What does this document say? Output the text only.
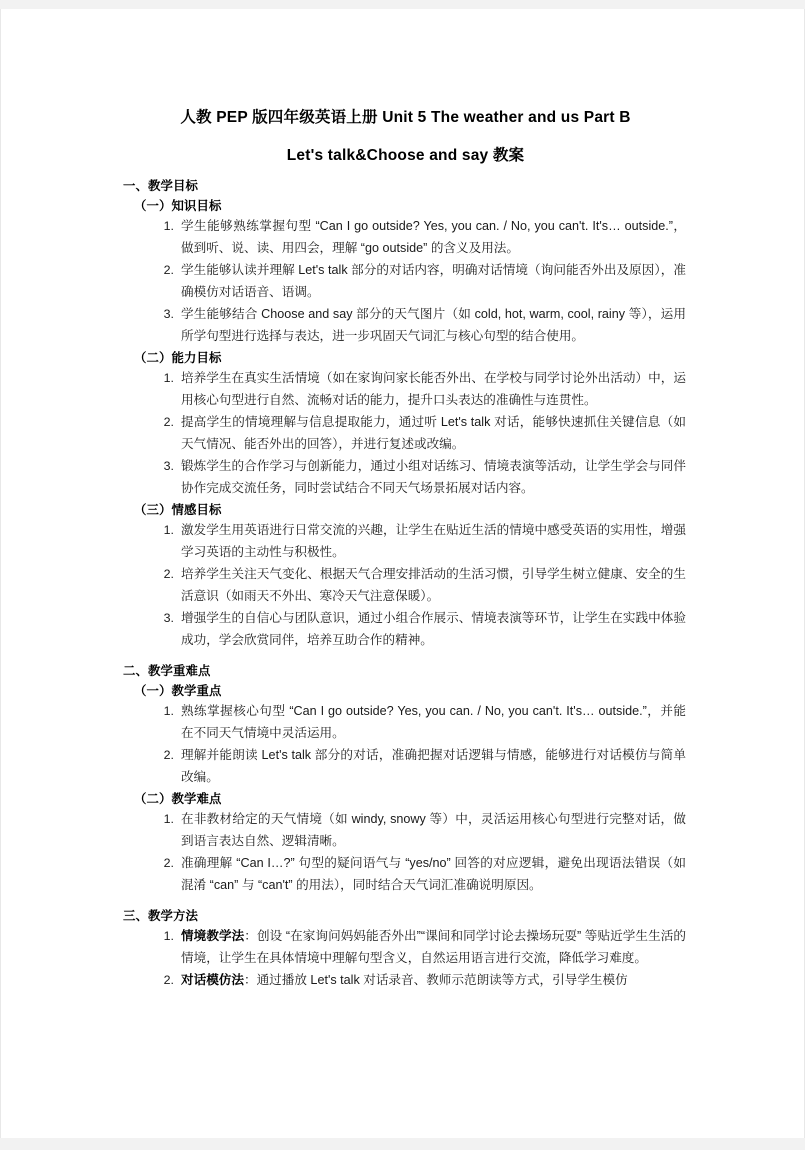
人教 PEP 版四年级英语上册 Unit 5 The weather and us Part B
Let's talk&Choose and say 教案
一、教学目标
（一）知识目标
1. 学生能够熟练掌握句型 “Can I go outside? Yes, you can. / No, you can't. It's… outside.”，做到听、说、读、用四会，理解 “go outside” 的含义及用法。
2. 学生能够认读并理解 Let's talk 部分的对话内容，明确对话情境（询问能否外出及原因），准确模仿对话语音、语调。
3. 学生能够结合 Choose and say 部分的天气图片（如 cold, hot, warm, cool, rainy 等），运用所学句型进行选择与表达，进一步巩固天气词汇与核心句型的结合使用。
（二）能力目标
1. 培养学生在真实生活情境（如在家询问家长能否外出、在学校与同学讨论外出活动）中，运用核心句型进行自然、流畅对话的能力，提升口头表达的准确性与连贯性。
2. 提高学生的情境理解与信息提取能力，通过听 Let's talk 对话，能够快速抓住关键信息（如天气情况、能否外出的回答），并进行复述或改编。
3. 锻炼学生的合作学习与创新能力，通过小组对话练习、情境表演等活动，让学生学会与同伴协作完成交流任务，同时尝试结合不同天气场景拓展对话内容。
（三）情感目标
1. 激发学生用英语进行日常交流的兴趣，让学生在贴近生活的情境中感受英语的实用性，增强学习英语的主动性与积极性。
2. 培养学生关注天气变化、根据天气合理安排活动的生活习惯，引导学生树立健康、安全的生活意识（如雨天不外出、寒冷天气注意保暖）。
3. 增强学生的自信心与团队意识，通过小组合作展示、情境表演等环节，让学生在实践中体验成功，学会欣赏同伴，培养互助合作的精神。
二、教学重难点
（一）教学重点
1. 熟练掌握核心句型 “Can I go outside? Yes, you can. / No, you can't. It's… outside.”，并能在不同天气情境中灵活运用。
2. 理解并能朗读 Let's talk 部分的对话，准确把握对话逻辑与情感，能够进行对话模仿与简单改编。
（二）教学难点
1. 在非教材给定的天气情境（如 windy, snowy 等）中，灵活运用核心句型进行完整对话，做到语言表达自然、逻辑清晰。
2. 准确理解 “Can I…?” 句型的疑问语气与 “yes/no” 回答的对应逻辑，避免出现语法错误（如混淆 “can” 与 “can't” 的用法），同时结合天气词汇准确说明原因。
三、教学方法
1. 情境教学法：创设 “在家询问妈妈能否外出”“课间和同学讨论去操场玩耍” 等贴近学生生活的情境，让学生在具体情境中理解句型含义，自然运用语言进行交流，降低学习难度。
2. 对话模仿法：通过播放 Let's talk 对话录音、教师示范朗读等方式，引导学生模仿
